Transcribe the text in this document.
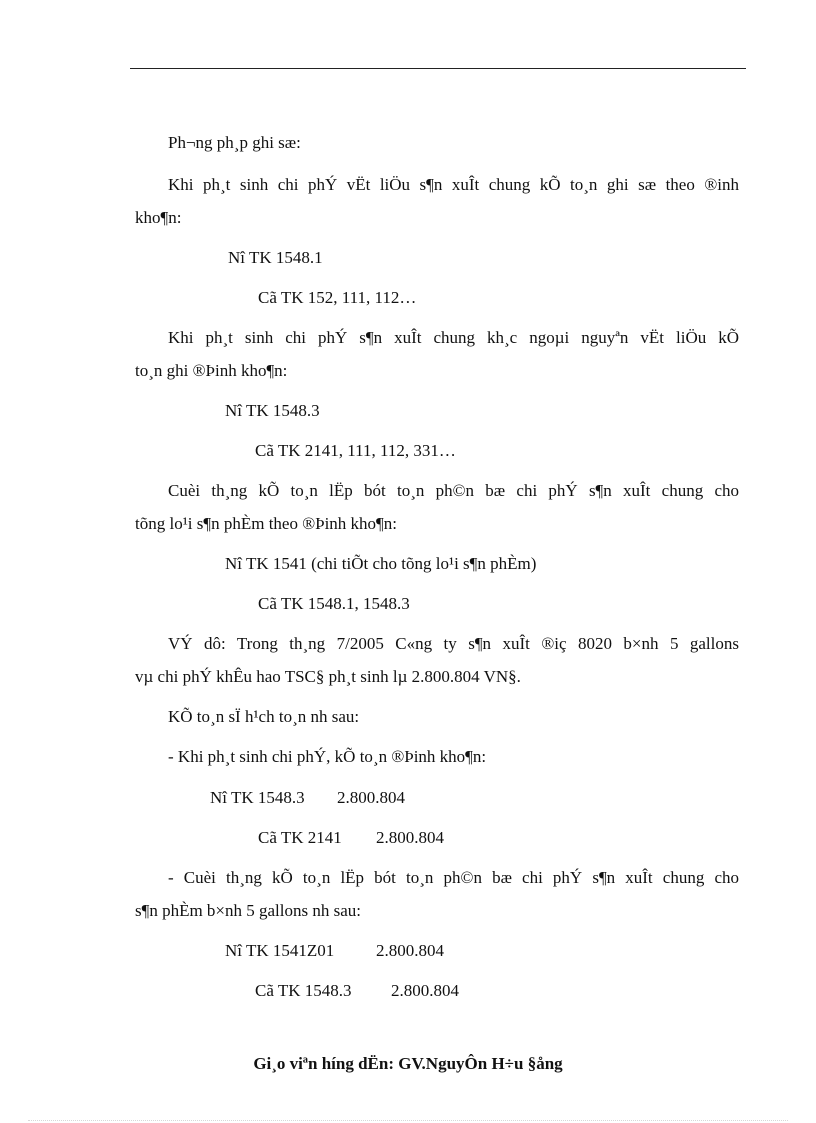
Ph¬ng ph¸p ghi sæ:
Khi ph¸t sinh chi phÝ vËt liÖu s¶n xuÎt chung kÕ to¸n ghi sæ theo ®inh
kho¶n:
Nî TK 1548.1
Cã TK 152, 111, 112…
Khi ph¸t sinh chi phÝ s¶n xuÎt chung kh¸c ngoµi nguyªn vËt liÖu kÕ
to¸n ghi ®Þinh kho¶n:
Nî TK 1548.3
Cã TK 2141, 111, 112, 331…
Cuèi th¸ng kÕ to¸n lËp bót to¸n ph©n bæ chi phÝ s¶n xuÎt chung cho
tõng lo¹i s¶n phÈm theo ®Þinh kho¶n:
Nî TK 1541 (chi tiÕt cho tõng lo¹i s¶n phÈm)
Cã TK 1548.1, 1548.3
VÝ dô: Trong th¸ng 7/2005 C«ng ty s¶n xuÎt ®iç 8020 b×nh 5 gallons
vµ chi phÝ khÊu hao TSC§ ph¸t sinh lµ 2.800.804 VN§.
KÕ to¸n sÏ h¹ch to¸n nh sau:
- Khi ph¸t sinh chi phÝ, kÕ to¸n ®Þinh kho¶n:
Nî TK 1548.3 2.800.804
Cã TK 2141 2.800.804
- Cuèi th¸ng kÕ to¸n lËp bót to¸n ph©n bæ chi phÝ s¶n xuÎt chung cho
s¶n phÈm b×nh 5 gallons nh sau:
Nî TK 1541Z01 2.800.804
Cã TK 1548.3 2.800.804
Gi¸o viªn híng dËn: GV.NguyÔn H÷u §ång
